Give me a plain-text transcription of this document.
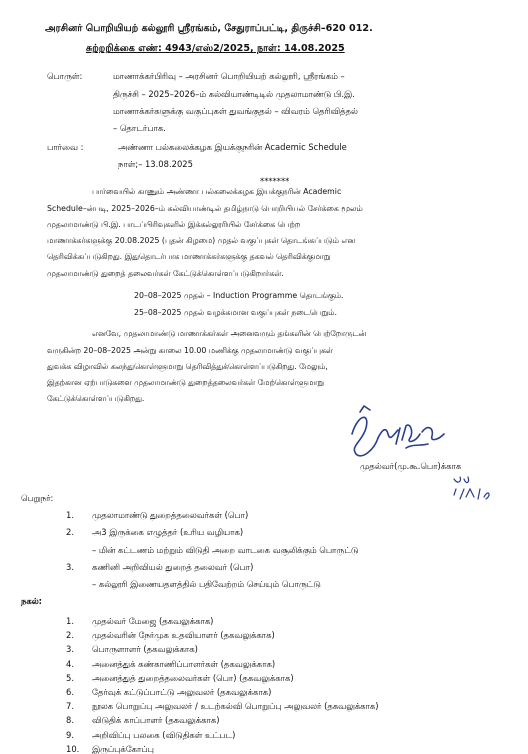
அரசினர் பொறியியற் கல்லூரி ஸ்ரீரங்கம், சேதுராப்பட்டி, திருச்சி–620 012.
சுற்றறிக்கை எண்: 4943/எஸ்2/2025, நாள்: 14.08.2025
பொருள்:	மாணாக்கர்பிரிவு – அரசினர் பொறியியற் கல்லூரி, ஸ்ரீரங்கம் –
திருச்சி – 2025–2026–ம் கல்வியாண்டிடில் முதலாமாண்டு பி.இ.
மாணாக்கர்களுக்கு வகுப்புகள் துவங்குதல் – விவரம் தெரிவித்தல்
– தொடர்பாக.
பார்வை :	அண்ணா பல்கலைக்கழக இயக்குநரின் Academic Schedule
நாள்;– 13.08.2025
*******
பார்வையில் காணும் அண்ணா பல்கலைக்கழக இயக்குநரின் Academic
Schedule–ன்படி, 2025–2026–ம் கல்வியாண்டில் தமிழ்நாடு பொறியியல் சேர்க்கை மூலம்
முதலாமாண்டு பி.இ. பாடப்பிரிவுகளில் இக்கல்லூரியில் சேர்க்கை பெற்ற
மாணாக்கர்களுக்கு 20.08.2025 (புதன் கிழமை) முதல் வகுப்புகள் தொடங்கப்படும் என
தெரிவிக்கப்படுகிறது. இதுதொடர்பாக மாணாக்கர்களுக்கு தகவல் தெரிவிக்குமாறு
முதலாமாண்டு துறைத் தலைவர்கள் கேட்டுக்கொள்ளப்படுகிறார்கள்.
20–08–2025 முதல் – Induction Programme தொடங்கும்.
25–08–2025 முதல் வழக்கமான வகுப்புகள் நடைபெறும்.
எனவே, முதலாமாண்டு மாணாக்கர்கள் அனைவரும் தங்களின் பெற்றோருடன்
வருகின்ற 20–08–2025 அன்று காலை 10.00 மணிக்கு முதலாமாண்டு வகுப்புகள்
துவக்க விழாவில் கலந்துகொள்ளுமாறு தெரிவித்துக்கொள்ளப்படுகிறது. மேலும்,
இதற்கான ஏற்பாடுகளை முதலாமாண்டு துறைத்தலைவர்கள் மேற்கொள்ளுமாறு
கேட்டுக்கொள்ளப்படுகிறது.
முதல்வர்(மு.கூ.பொ)க்காக
பெறுநர்:
1. முதலாமாண்டு துறைத்தலைவர்கள் (பொ)
2. அ3 இருக்கை எழுத்தர் (உரிய வழியாக)
– மின் கட்டணம் மற்றும் விடுதி அறை வாடகை வசூலிக்கும் பொருட்டு
3. கணினி அறிவியல் துறைத் தலைவர் (பொ)
– கல்லூரி இணையதளத்தில் பதிவேற்றம் செய்யும் பொருட்டு
நகல்:
1. முதல்வர் மேஜை (தகவலுக்காக)
2. முதல்வரின் நேர்முக உதவியாளர் (தகவலுக்காக)
3. பொருளாளர் (தகவலுக்காக)
4. அனைத்துக் கண்காணிப்பாளர்கள் (தகவலுக்காக)
5. அனைத்துத் துறைத்தலைவர்கள் (பொ) (தகவலுக்காக)
6. தேர்வுக் கட்டுப்பாட்டு அலுவலர் (தகவலுக்காக)
7. நூலக பொறுப்பு அலுவலர் / உடற்கல்வி பொறுப்பு அலுவலர் (தகவலுக்காக)
8. விடுதிக் காப்பாளர் (தகவலுக்காக)
9. அறிவிப்பு பலகை (விடுதிகள் உட்பட)
10. இருப்புக்கோப்பு
